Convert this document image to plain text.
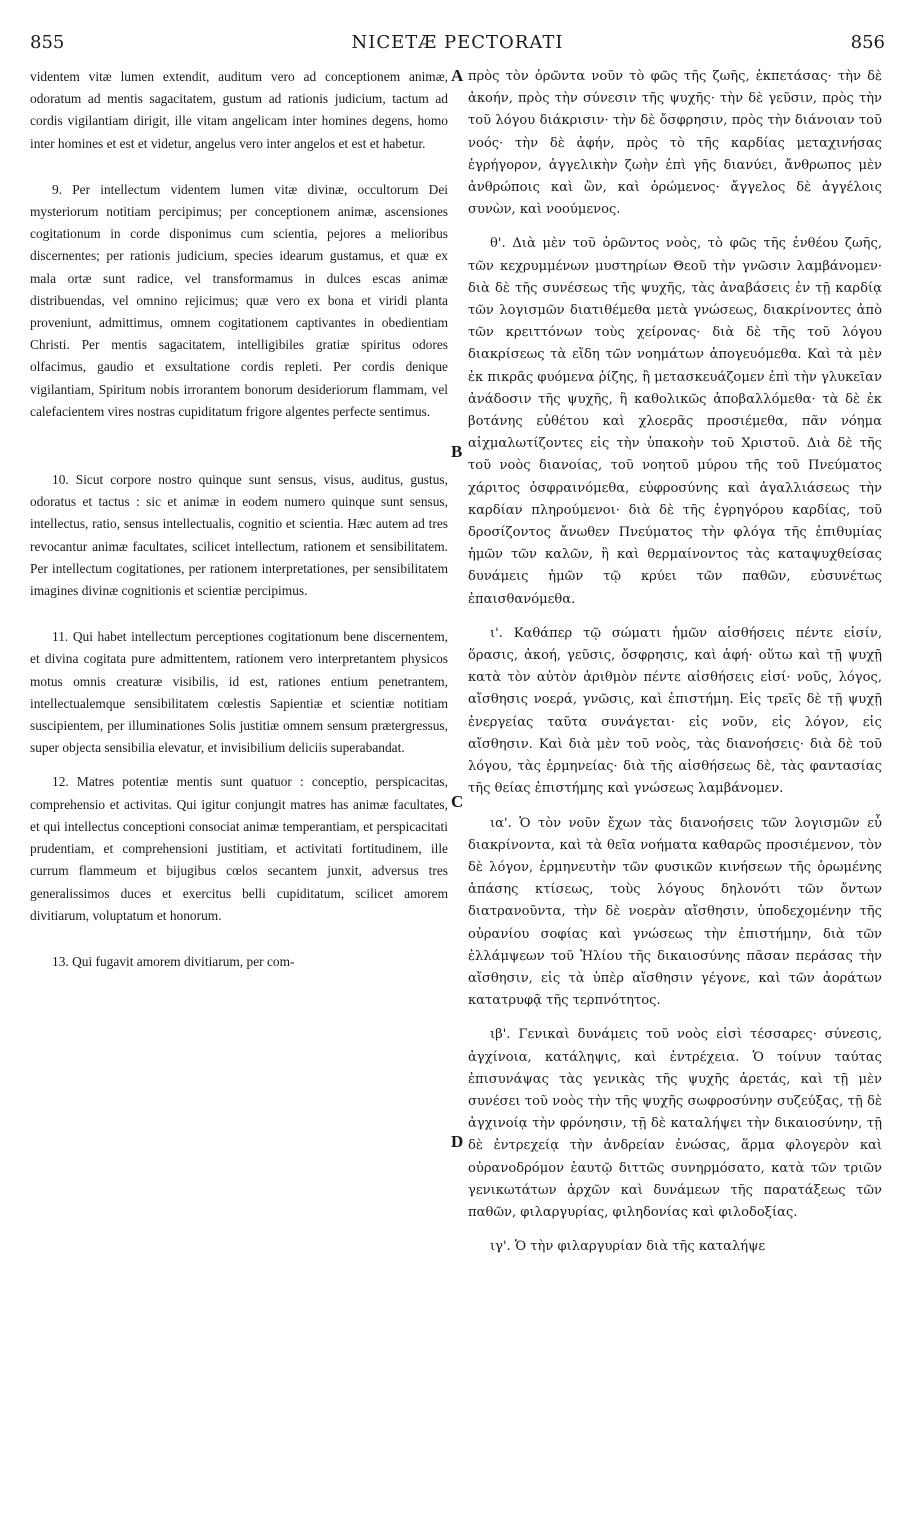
855	NICETÆ PECTORATI	856

videntem vitæ lumen extendit, auditum vero ad conceptionem animæ, odoratum ad mentis sagacitatem, gustum ad rationis judicium, tactum ad cordis vigilantiam dirigit, ille vitam angelicam inter homines degens, homo inter homines et est et videtur, angelus vero inter angelos et est et habetur.

9. Per intellectum videntem lumen vitæ divinæ, occultorum Dei mysteriorum notitiam percipimus; per conceptionem animæ, ascensiones cogitationum in corde disponimus cum scientia, pejores a melioribus discernentes; per rationis judicium, species idearum gustamus, et quæ ex mala ortæ sunt radice, vel transformamus in dulces escas animæ distribuendas, vel omnino rejicimus; quæ vero ex bona et viridi planta proveniunt, admittimus, omnem cogitationem captivantes in obedientiam Christi. Per mentis sagacitatem, intelligibiles gratiæ spiritus odores olfacimus, gaudio et exsultatione cordis repleti. Per cordis denique vigilantiam, Spiritum nobis irrorantem bonorum desideriorum flammam, vel calefacientem vires nostras cupiditatum frigore algentes perfecte sentimus.

10. Sicut corpore nostro quinque sunt sensus, visus, auditus, gustus, odoratus et tactus : sic et animæ in eodem numero quinque sunt sensus, intellectus, ratio, sensus intellectualis, cognitio et scientia. Hæc autem ad tres revocantur animæ facultates, scilicet intellectum, rationem et sensibilitatem. Per intellectum cogitationes, per rationem interpretationes, per sensibilitatem imagines divinæ cognitionis et scientiæ percipimus.

11. Qui habet intellectum perceptiones cogitationum bene discernentem, et divina cogitata pure admittentem, rationem vero interpretantem physicos motus omnis creaturæ visibilis, id est, rationes entium penetrantem, intellectualemque sensibilitatem cœlestis Sapientiæ et scientiæ notitiam suscipientem, per illuminationes Solis justitiæ omnem sensum prætergressus, super objecta sensibilia elevatur, et invisibilium deliciis superabandat.

12. Matres potentiæ mentis sunt quatuor : conceptio, perspicacitas, comprehensio et activitas. Qui igitur conjungit matres has animæ facultates, et qui intellectus conceptioni consociat animæ temperantiam, et perspicacitati prudentiam, et comprehensioni justitiam, et activitati fortitudinem, ille currum flammeum et bijugibus cœlos secantem junxit, adversus tres generalissimos duces et exercitus belli cupiditatum, scilicet amorem divitiarum, voluptatum et honorum.

13. Qui fugavit amorem divitiarum, per com-

A
B
C
D

πρὸς τὸν ὁρῶντα νοῦν τὸ φῶς τῆς ζωῆς, ἐκπετάσας· τὴν δὲ ἀκοήν, πρὸς τὴν σύνεσιν τῆς ψυχῆς· τὴν δὲ γεῦσιν, πρὸς τὴν τοῦ λόγου διάκρισιν· τὴν δὲ ὄσφρησιν, πρὸς τὴν διάνοιαν τοῦ νοός· τὴν δὲ ἀφήν, πρὸς τὸ τῆς καρδίας μεταχινήσας ἐγρήγορον, ἀγγελικὴν ζωὴν ἐπὶ γῆς διανύει, ἄνθρωπος μὲν ἀνθρώποις καὶ ὢν, καὶ ὁρώμενος· ἄγγελος δὲ ἀγγέλοις συνὼν, καὶ νοούμενος.

θ'. Διὰ μὲν τοῦ ὁρῶντος νοὸς, τὸ φῶς τῆς ἐνθέου ζωῆς, τῶν κεχρυμμένων μυστηρίων Θεοῦ τὴν γνῶσιν λαμβάνομεν· διὰ δὲ τῆς συνέσεως τῆς ψυχῆς, τὰς ἀναβάσεις ἐν τῇ καρδίᾳ τῶν λογισμῶν διατιθέμεθα μετὰ γνώσεως, διακρίνοντες ἀπὸ τῶν κρειττόνων τοὺς χείρονας· διὰ δὲ τῆς τοῦ λόγου διακρίσεως τὰ εἴδη τῶν νοημάτων ἀπογευόμεθα. Καὶ τὰ μὲν ἐκ πικρᾶς φυόμενα ῥίζης, ἢ μετασκευάζομεν ἐπὶ τὴν γλυκεῖαν ἀνάδοσιν τῆς ψυχῆς, ἢ καθολικῶς ἀποβαλλόμεθα· τὰ δὲ ἐκ βοτάνης εὐθέτου καὶ χλοερᾶς προσιέμεθα, πᾶν νόημα αἰχμαλωτίζοντες εἰς τὴν ὑπακοὴν τοῦ Χριστοῦ. Διὰ δὲ τῆς τοῦ νοὸς διανοίας, τοῦ νοητοῦ μύρου τῆς τοῦ Πνεύματος χάριτος ὀσφραινόμεθα, εὐφροσύνης καὶ ἀγαλλιάσεως τὴν καρδίαν πληρούμενοι· διὰ δὲ τῆς ἐγρηγόρου καρδίας, τοῦ δροσίζοντος ἄνωθεν Πνεύματος τὴν φλόγα τῆς ἐπιθυμίας ἡμῶν τῶν καλῶν, ἢ καὶ θερμαίνοντος τὰς καταψυχθείσας δυνάμεις ἡμῶν τῷ κρύει τῶν παθῶν, εὐσυνέτως ἐπαισθανόμεθα.

ι'. Καθάπερ τῷ σώματι ἡμῶν αἰσθήσεις πέντε εἰσίν, ὅρασις, ἀκοή, γεῦσις, ὄσφρησις, καὶ ἁφή· οὕτω καὶ τῇ ψυχῇ κατὰ τὸν αὐτὸν ἀριθμὸν πέντε αἰσθήσεις εἰσί· νοῦς, λόγος, αἴσθησις νοερά, γνῶσις, καὶ ἐπιστήμη. Εἰς τρεῖς δὲ τῇ ψυχῇ ἐνεργείας ταῦτα συνάγεται· εἰς νοῦν, εἰς λόγον, εἰς αἴσθησιν. Καὶ διὰ μὲν τοῦ νοὸς, τὰς διανοήσεις· διὰ δὲ τοῦ λόγου, τὰς ἑρμηνείας· διὰ τῆς αἰσθήσεως δὲ, τὰς φαντασίας τῆς θείας ἐπιστήμης καὶ γνώσεως λαμβάνομεν.

ια'. Ὁ τὸν νοῦν ἔχων τὰς διανοήσεις τῶν λογισμῶν εὖ διακρίνοντα, καὶ τὰ θεῖα νοήματα καθαρῶς προσιέμενον, τὸν δὲ λόγον, ἑρμηνευτὴν τῶν φυσικῶν κινήσεων τῆς ὁρωμένης ἁπάσης κτίσεως, τοὺς λόγους δηλονότι τῶν ὄντων διατρανοῦντα, τὴν δὲ νοερὰν αἴσθησιν, ὑποδεχομένην τῆς οὐρανίου σοφίας καὶ γνώσεως τὴν ἐπιστήμην, διὰ τῶν ἐλλάμψεων τοῦ Ἡλίου τῆς δικαιοσύνης πᾶσαν περάσας τὴν αἴσθησιν, εἰς τὰ ὑπὲρ αἴσθησιν γέγονε, καὶ τῶν ἀοράτων κατατρυφᾷ τῆς τερπνότητος.

ιβ'. Γενικαὶ δυνάμεις τοῦ νοὸς εἰσὶ τέσσαρες· σύνεσις, ἀγχίνοια, κατάληψις, καὶ ἐντρέχεια. Ὁ τοίνυν ταύτας ἐπισυνάψας τὰς γενικὰς τῆς ψυχῆς ἀρετάς, καὶ τῇ μὲν συνέσει τοῦ νοὸς τὴν τῆς ψυχῆς σωφροσύνην συζεύξας, τῇ δὲ ἀγχινοίᾳ τὴν φρόνησιν, τῇ δὲ καταλήψει τὴν δικαιοσύνην, τῇ δὲ ἐντρεχείᾳ τὴν ἀνδρείαν ἑνώσας, ἅρμα φλογερὸν καὶ οὐρανοδρόμον ἑαυτῷ διττῶς συνηρμόσατο, κατὰ τῶν τριῶν γενικωτάτων ἀρχῶν καὶ δυνάμεων τῆς παρατάξεως τῶν παθῶν, φιλαργυρίας, φιληδονίας καὶ φιλοδοξίας.

ιγ'. Ὁ τὴν φιλαργυρίαν διὰ τῆς καταλήψε
